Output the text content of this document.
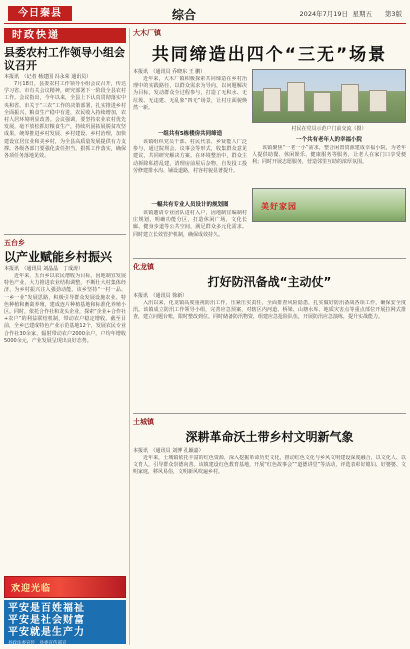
今日秦县	综合	2024年7月19日 星期五 第3版
时政快递
县委农村工作领导小组会议召开
本报讯　（记者 杨建国 冯永荣 通讯员）
7月18日，县委农村工作领导小组会议召开，传达学习省、市有关会议精神，研究部署下一阶段全县农村工作。会议指出，今年以来，全县上下认真贯彻落实中央和省、市关于“三农”工作的决策部署，扎实推进乡村全面振兴，粮食生产稳中有进，农民收入持续增加，农村人居环境明显改善。会议强调，要坚持农业农村优先发展，毫不放松抓好粮食生产，持续巩固拓展脱贫攻坚成果，统筹推进乡村发展、乡村建设、乡村治理，加快建设宜居宜业和美乡村，为全县高质量发展提供有力支撑。各级各部门要强化责任担当，狠抓工作落实，确保各项任务落地见效。
五台乡
以产业赋能乡村振兴
本报讯　（通讯员 刘晶晶　丁成涛）
近年来，五台乡以农民增收为目标，因地制宜发展特色产业，大力推进农业结构调整，不断壮大村集体经济，为乡村振兴注入强劲动能。该乡坚持“一村一品、一乡一业”发展思路，积极引导群众发展设施农业、特色种植和畜禽养殖，建成连片种植基地和标准化养殖小区。同时，依托合作社和龙头企业，探索“企业+合作社+农户”的利益联结机制，带动农户稳定增收。截至目前，全乡已建成特色产业示范基地12个，发展农民专业合作社30余家，辐射带动农户2000余户，户均年增收5000余元，产业发展呈现出良好态势。
欢迎光临
平安是百姓福祉
平安是社会财富
平安就是生产力
县政法委宣传　县委宣传部宣
大木厂镇
共同缔造出四个“三无”场景
本报讯　（通讯员 乔晓东 王 鹏）
近年来，大木厂镇积极探索共同缔造在乡村治理中的实践路径，以群众需求为导向，以问题解决为目标，发动群众全过程参与，打造了无积水、无垃圾、无违建、无乱象“四无”场景，让村庄面貌焕然一新。
一组共有5栋楼房共同缔造
该镇组织党员干部、村民代表、乡贤能人广泛参与，通过院坝会、议事会等形式，收集群众意见建议，共同研究解决方案。在环境整治中，群众主动拆除私搭乱建，清理房前屋后杂物，自发投工投劳修建排水沟、铺设道路，村容村貌显著提升。
一幅共有专业人员设计的规划图
该镇邀请专业团队进村入户，因地制宜编制村庄规划，明确功能分区，打造休闲广场、文化长廊、健身步道等公共空间，满足群众多元化需求。同时建立长效管护机制，确保成效持久。
村民在党员示范户门前交流（摄）
一个共有老年人的幸福小院
该镇聚焦“一老一小”需求，整合闲置资源建成幸福小院，为老年人提供助餐、休闲娱乐、健康服务等服务，让老人在家门口享受便利；同时开展志愿服务，营造邻里互助的浓厚氛围。
美好家园
化龙镇
打好防汛备战“主动仗”
本报讯　（通讯员 徐新）
入汛以来，化龙镇高度重视防汛工作，压紧压实责任，全面排查风险隐患，扎实做好防汛备战各项工作，确保安全度汛。该镇成立防汛工作领导小组，完善应急预案，对辖区内河道、桥梁、山塘水库、地质灾害点等重点部位开展拉网式排查，建立问题台账，限时整改到位。同时储备防汛物资，组建应急抢险队伍，开展防汛应急演练，提升实战能力。
土城镇
深耕革命沃土带乡村文明新气象
本报讯　（通讯员 刘博 孔颖嘉）
近年来，土城镇依托丰富的红色资源，深入挖掘革命历史文化，推动红色文化与乡风文明建设深度融合，以文化人、以文育人，引导群众崇德向善。该镇建设红色教育基地，开展“红色故事会”“道德讲堂”等活动，评选表彰好媳妇、好婆婆、文明家庭，移风易俗，文明新风吹遍乡村。
